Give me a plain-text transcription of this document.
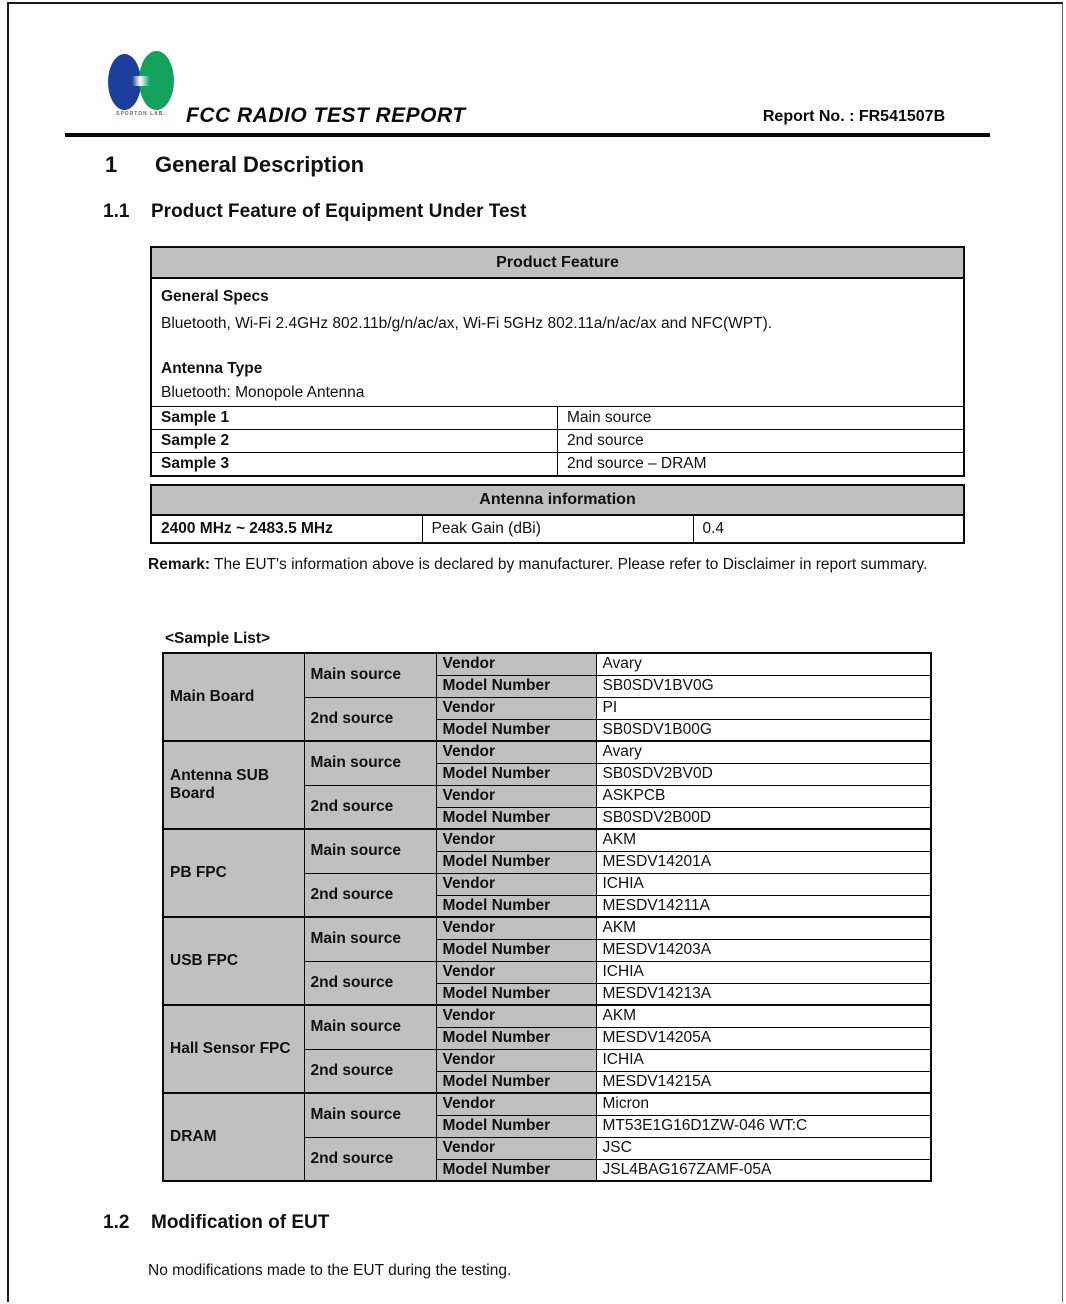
SPORTON LAB. FCC RADIO TEST REPORT	Report No. : FR541507B
1	General Description
1.1	Product Feature of Equipment Under Test
Product Feature	

General Specs
Bluetooth, Wi-Fi 2.4GHz 802.11b/g/n/ac/ax, Wi-Fi 5GHz 802.11a/n/ac/ax and NFC(WPT).
Antenna Type
Bluetooth: Monopole Antenna	

Sample 1	Main source
Sample 2	2nd source
Sample 3	2nd source – DRAM
Antenna information
2400 MHz ~ 2483.5 MHz	Peak Gain (dBi)	0.4
Remark: The EUT's information above is declared by manufacturer. Please refer to Disclaimer in report summary.
<Sample List>
Main Board	Main source	Vendor	Avary
		Model Number	SB0SDV1BV0G
	2nd source	Vendor	PI
		Model Number	SB0SDV1B00G
Antenna SUB Board	Main source	Vendor	Avary
		Model Number	SB0SDV2BV0D
	2nd source	Vendor	ASKPCB
		Model Number	SB0SDV2B00D
PB FPC	Main source	Vendor	AKM
		Model Number	MESDV14201A
	2nd source	Vendor	ICHIA
		Model Number	MESDV14211A
USB FPC	Main source	Vendor	AKM
		Model Number	MESDV14203A
	2nd source	Vendor	ICHIA
		Model Number	MESDV14213A
Hall Sensor FPC	Main source	Vendor	AKM
		Model Number	MESDV14205A
	2nd source	Vendor	ICHIA
		Model Number	MESDV14215A
DRAM	Main source	Vendor	Micron
		Model Number	MT53E1G16D1ZW-046 WT:C
	2nd source	Vendor	JSC
		Model Number	JSL4BAG167ZAMF-05A
1.2	Modification of EUT
No modifications made to the EUT during the testing.
